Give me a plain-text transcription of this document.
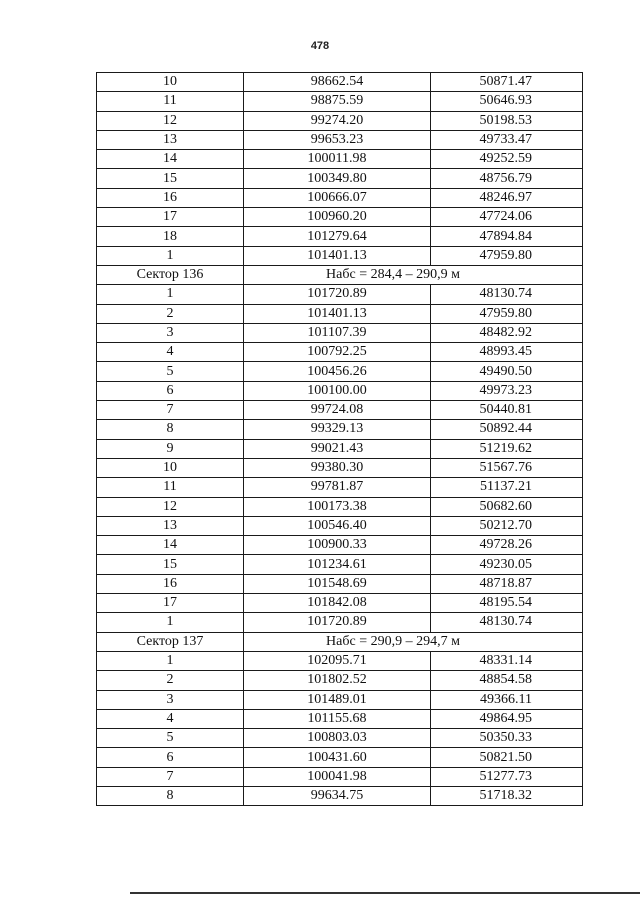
478
10	98662.54	50871.47
11	98875.59	50646.93
12	99274.20	50198.53
13	99653.23	49733.47
14	100011.98	49252.59
15	100349.80	48756.79
16	100666.07	48246.97
17	100960.20	47724.06
18	101279.64	47894.84
1	101401.13	47959.80
Сектор 136	Набс = 284,4 – 290,9 м	
1	101720.89	48130.74
2	101401.13	47959.80
3	101107.39	48482.92
4	100792.25	48993.45
5	100456.26	49490.50
6	100100.00	49973.23
7	99724.08	50440.81
8	99329.13	50892.44
9	99021.43	51219.62
10	99380.30	51567.76
11	99781.87	51137.21
12	100173.38	50682.60
13	100546.40	50212.70
14	100900.33	49728.26
15	101234.61	49230.05
16	101548.69	48718.87
17	101842.08	48195.54
1	101720.89	48130.74
Сектор 137	Набс = 290,9 – 294,7 м	
1	102095.71	48331.14
2	101802.52	48854.58
3	101489.01	49366.11
4	101155.68	49864.95
5	100803.03	50350.33
6	100431.60	50821.50
7	100041.98	51277.73
8	99634.75	51718.32
